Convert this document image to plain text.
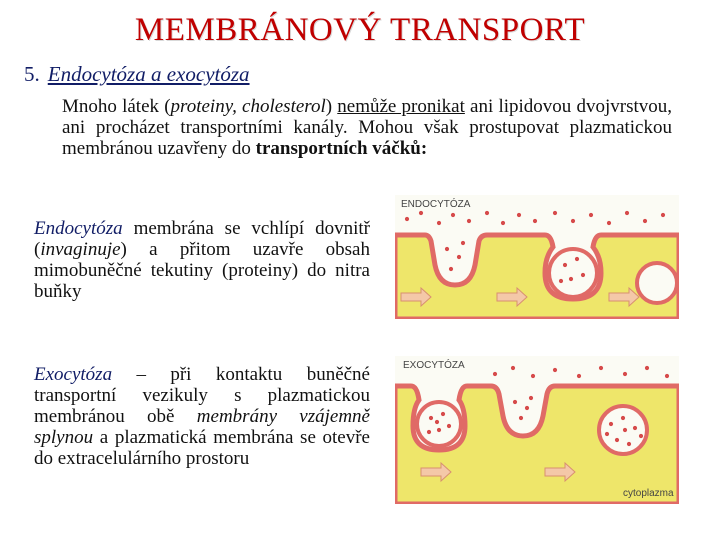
MEMBRÁNOVÝ TRANSPORT
5. Endocytóza a exocytóza
Mnoho látek (proteiny, cholesterol) nemůže pronikat ani lipidovou dvojvrstvou, ani procházet transportními kanály. Mohou však prostupovat plazmatickou membránou uzavřeny do transportních váčků:
Endocytóza membrána se vchlípí dovnitř (invaginuje) a přitom uzavře obsah mimobuněčné tekutiny (proteiny) do nitra buňky
Exocytóza – při kontaktu buněčné transportní vezikuly s plazmatickou membránou obě membrány vzájemně splynou a plazmatická membrána se otevře do extracelulárního prostoru
ENDOCYTÓZA
EXOCYTÓZA
cytoplazma
